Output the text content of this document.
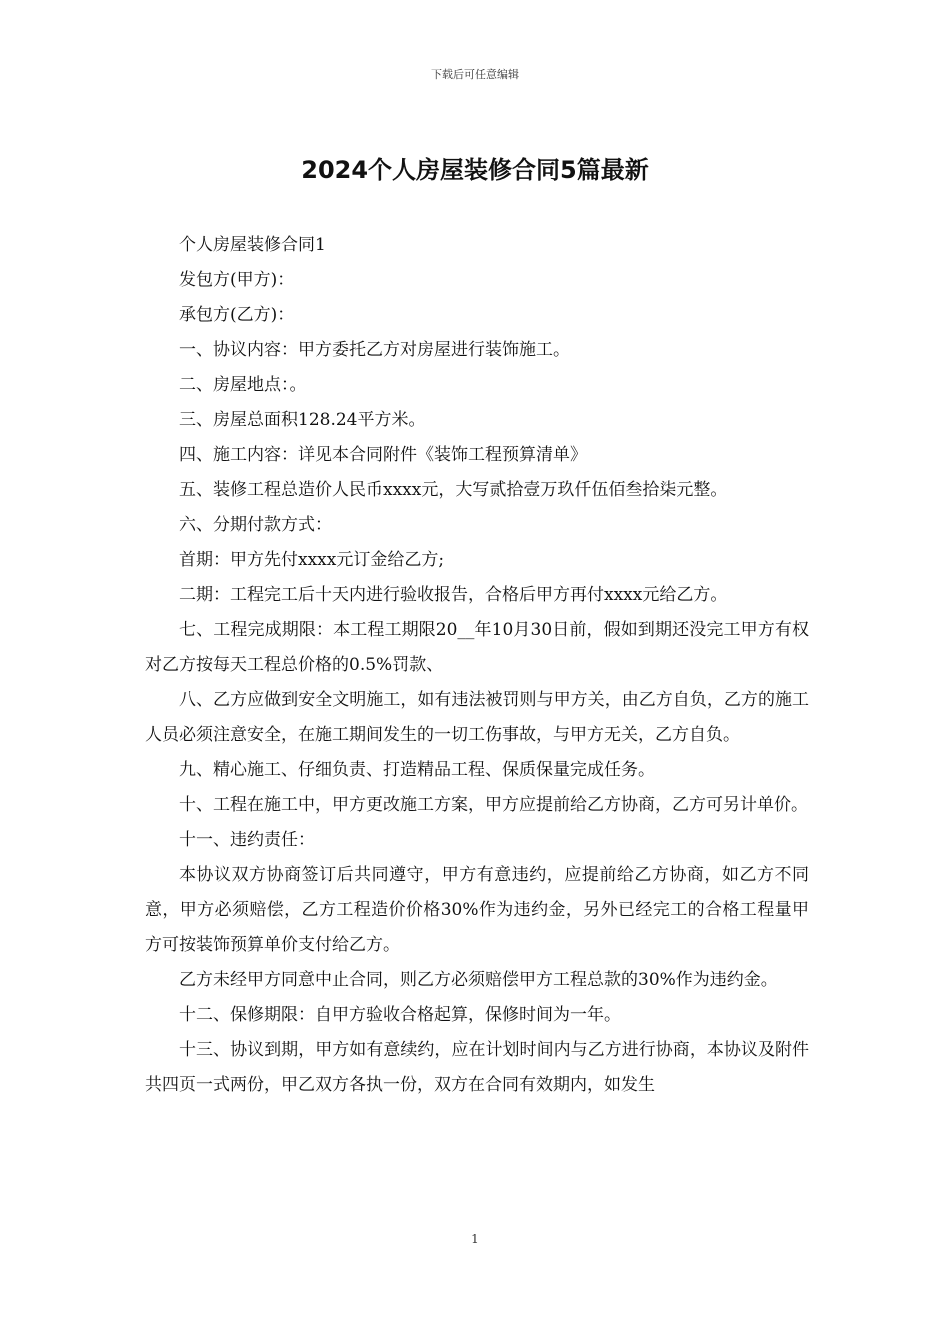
下载后可任意编辑
2024个人房屋装修合同5篇最新

个人房屋装修合同1

发包方(甲方)：

承包方(乙方)：

一、协议内容：甲方委托乙方对房屋进行装饰施工。

二、房屋地点：。

三、房屋总面积128.24平方米。

四、施工内容：详见本合同附件《装饰工程预算清单》

五、装修工程总造价人民币xxxx元，大写贰拾壹万玖仟伍佰叁拾柒元整。

六、分期付款方式：

首期：甲方先付xxxx元订金给乙方;

二期：工程完工后十天内进行验收报告，合格后甲方再付xxxx元给乙方。

七、工程完成期限：本工程工期限20__年10月30日前，假如到期还没完工甲方有权对乙方按每天工程总价格的0.5%罚款、

八、乙方应做到安全文明施工，如有违法被罚则与甲方关，由乙方自负，乙方的施工人员必须注意安全，在施工期间发生的一切工伤事故，与甲方无关，乙方自负。

九、精心施工、仔细负责、打造精品工程、保质保量完成任务。

十、工程在施工中，甲方更改施工方案，甲方应提前给乙方协商，乙方可另计单价。

十一、违约责任：

本协议双方协商签订后共同遵守，甲方有意违约，应提前给乙方协商，如乙方不同意，甲方必须赔偿，乙方工程造价价格30%作为违约金，另外已经完工的合格工程量甲方可按装饰预算单价支付给乙方。

乙方未经甲方同意中止合同，则乙方必须赔偿甲方工程总款的30%作为违约金。

十二、保修期限：自甲方验收合格起算，保修时间为一年。

十三、协议到期，甲方如有意续约，应在计划时间内与乙方进行协商，本协议及附件共四页一式两份，甲乙双方各执一份，双方在合同有效期内，如发生

1
